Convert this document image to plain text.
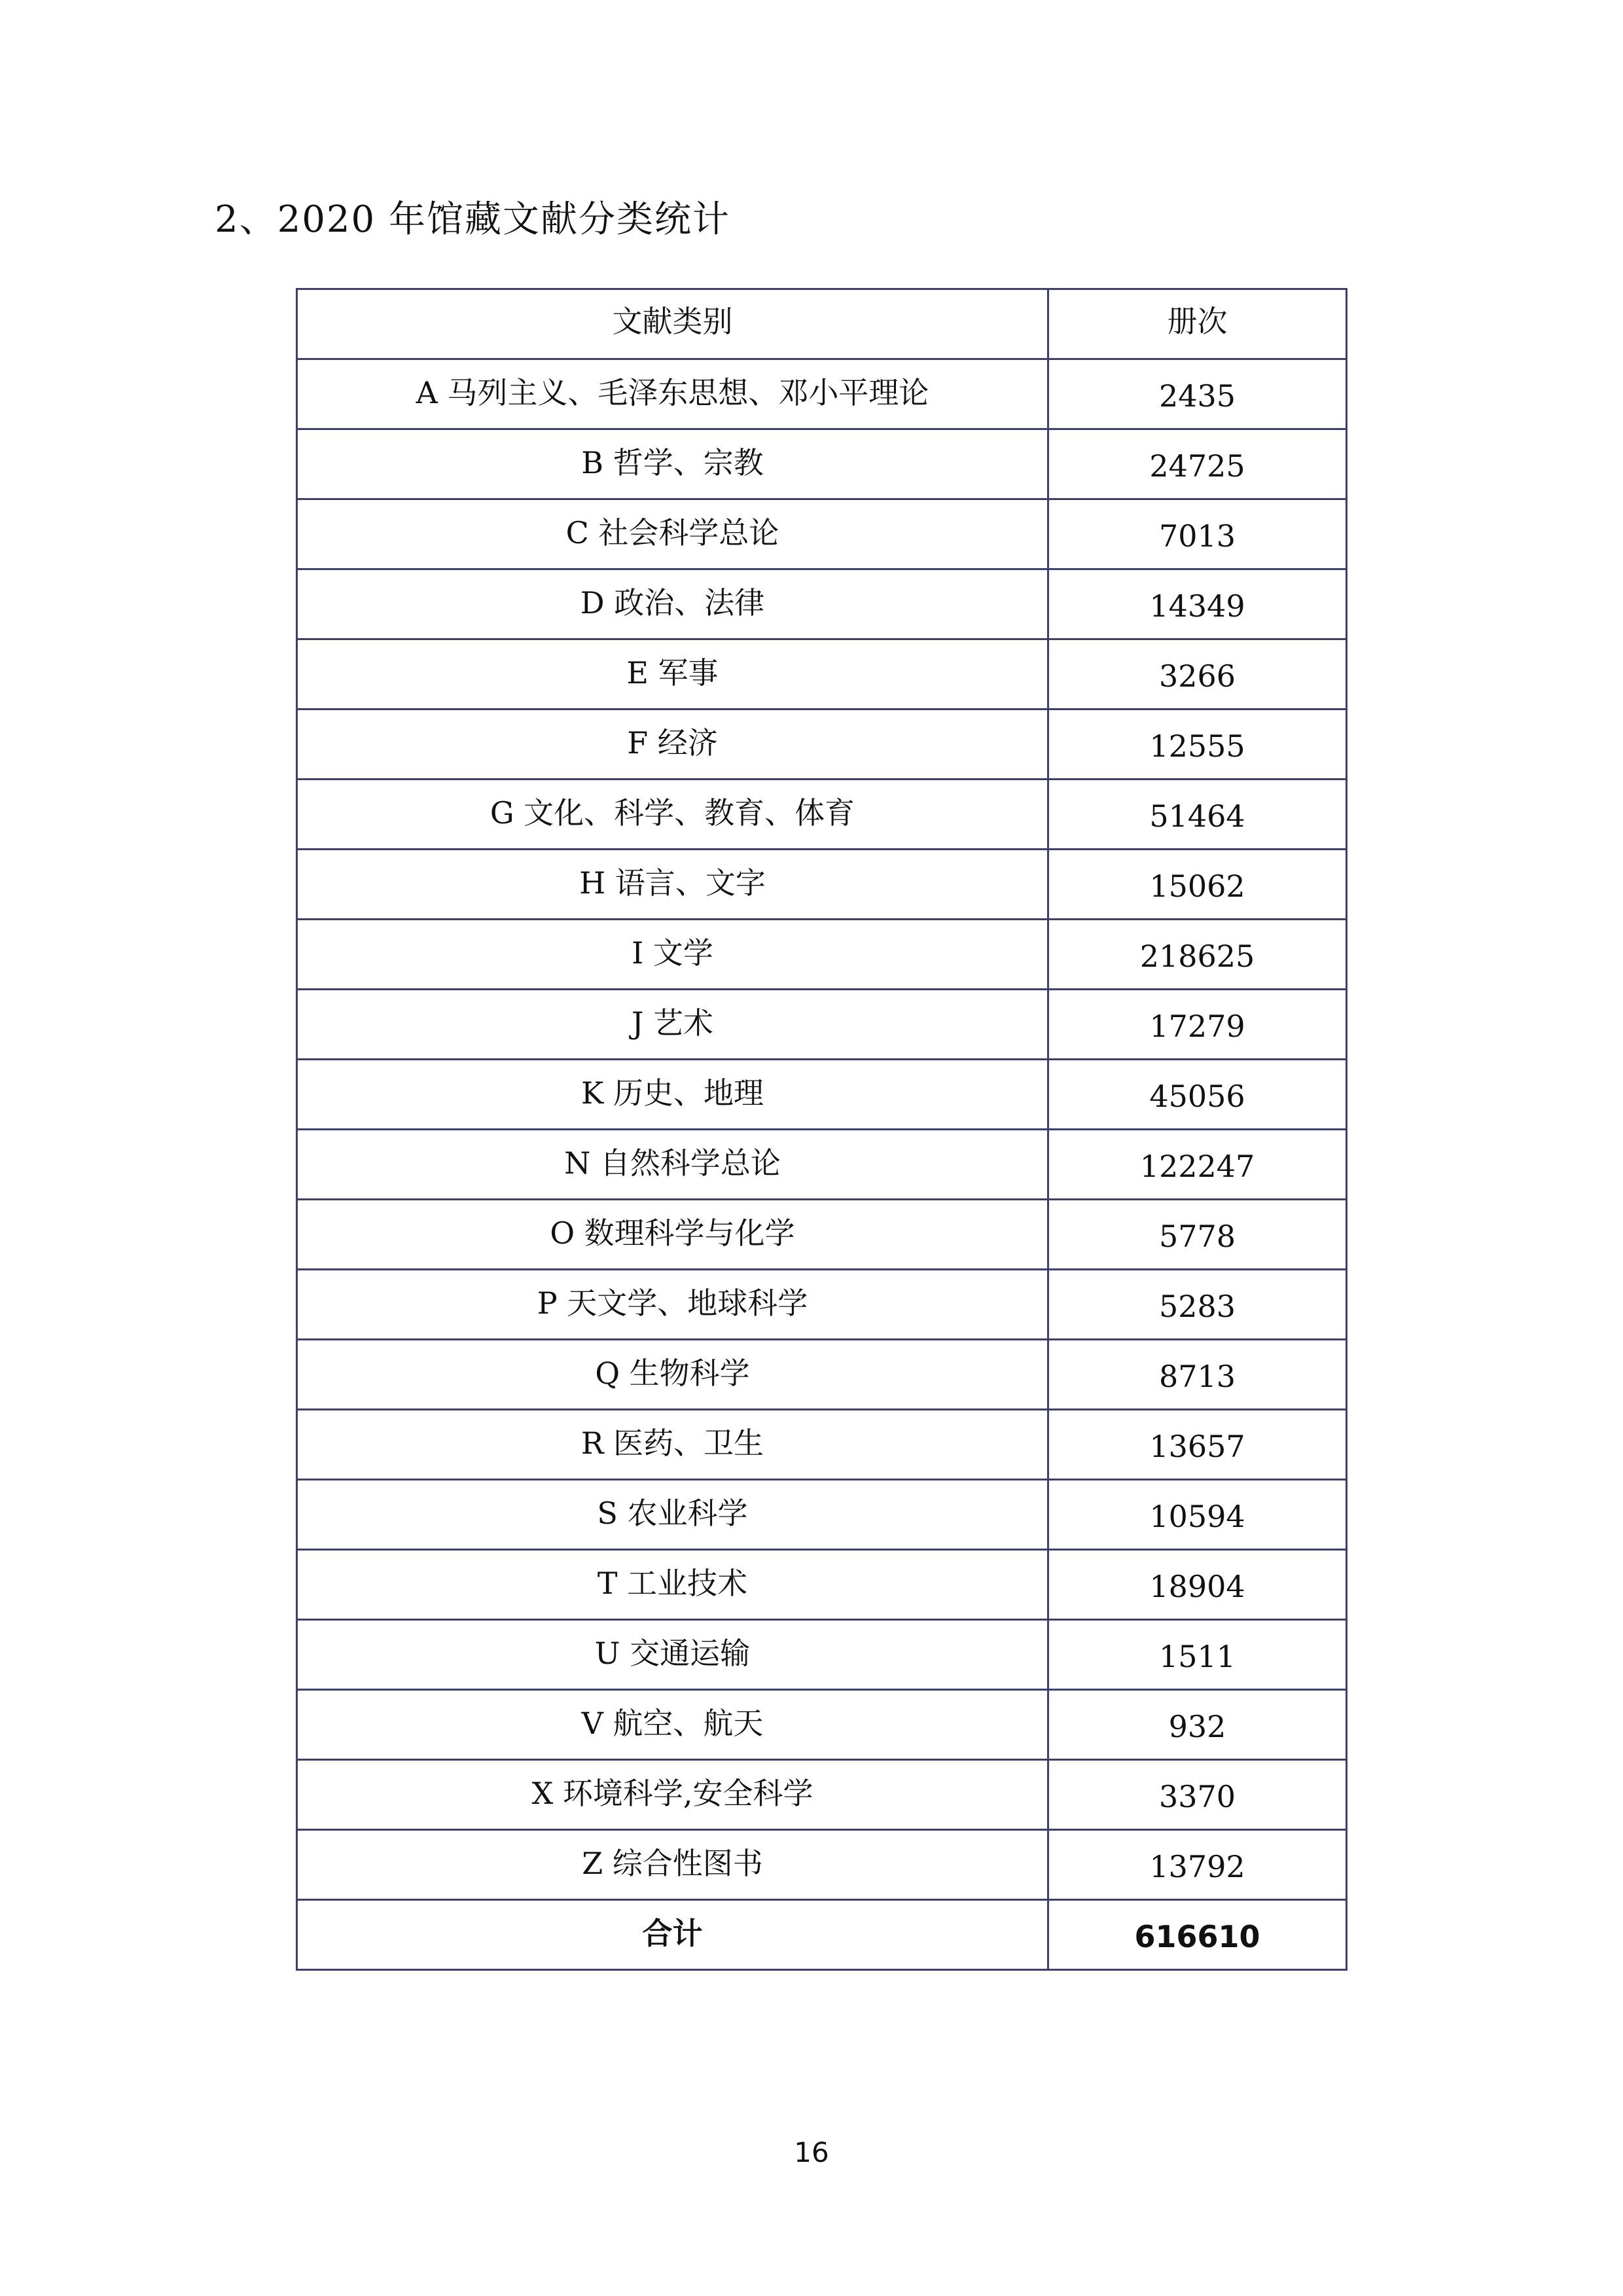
2、2020 年馆藏文献分类统计
文献类别	册次
A 马列主义、毛泽东思想、邓小平理论	2435
B 哲学、宗教	24725
C 社会科学总论	7013
D 政治、法律	14349
E 军事	3266
F 经济	12555
G 文化、科学、教育、体育	51464
H 语言、文字	15062
I 文学	218625
J 艺术	17279
K 历史、地理	45056
N 自然科学总论	122247
O 数理科学与化学	5778
P 天文学、地球科学	5283
Q 生物科学	8713
R 医药、卫生	13657
S 农业科学	10594
T 工业技术	18904
U 交通运输	1511
V 航空、航天	932
X 环境科学,安全科学	3370
Z 综合性图书	13792
合计	616610
16
